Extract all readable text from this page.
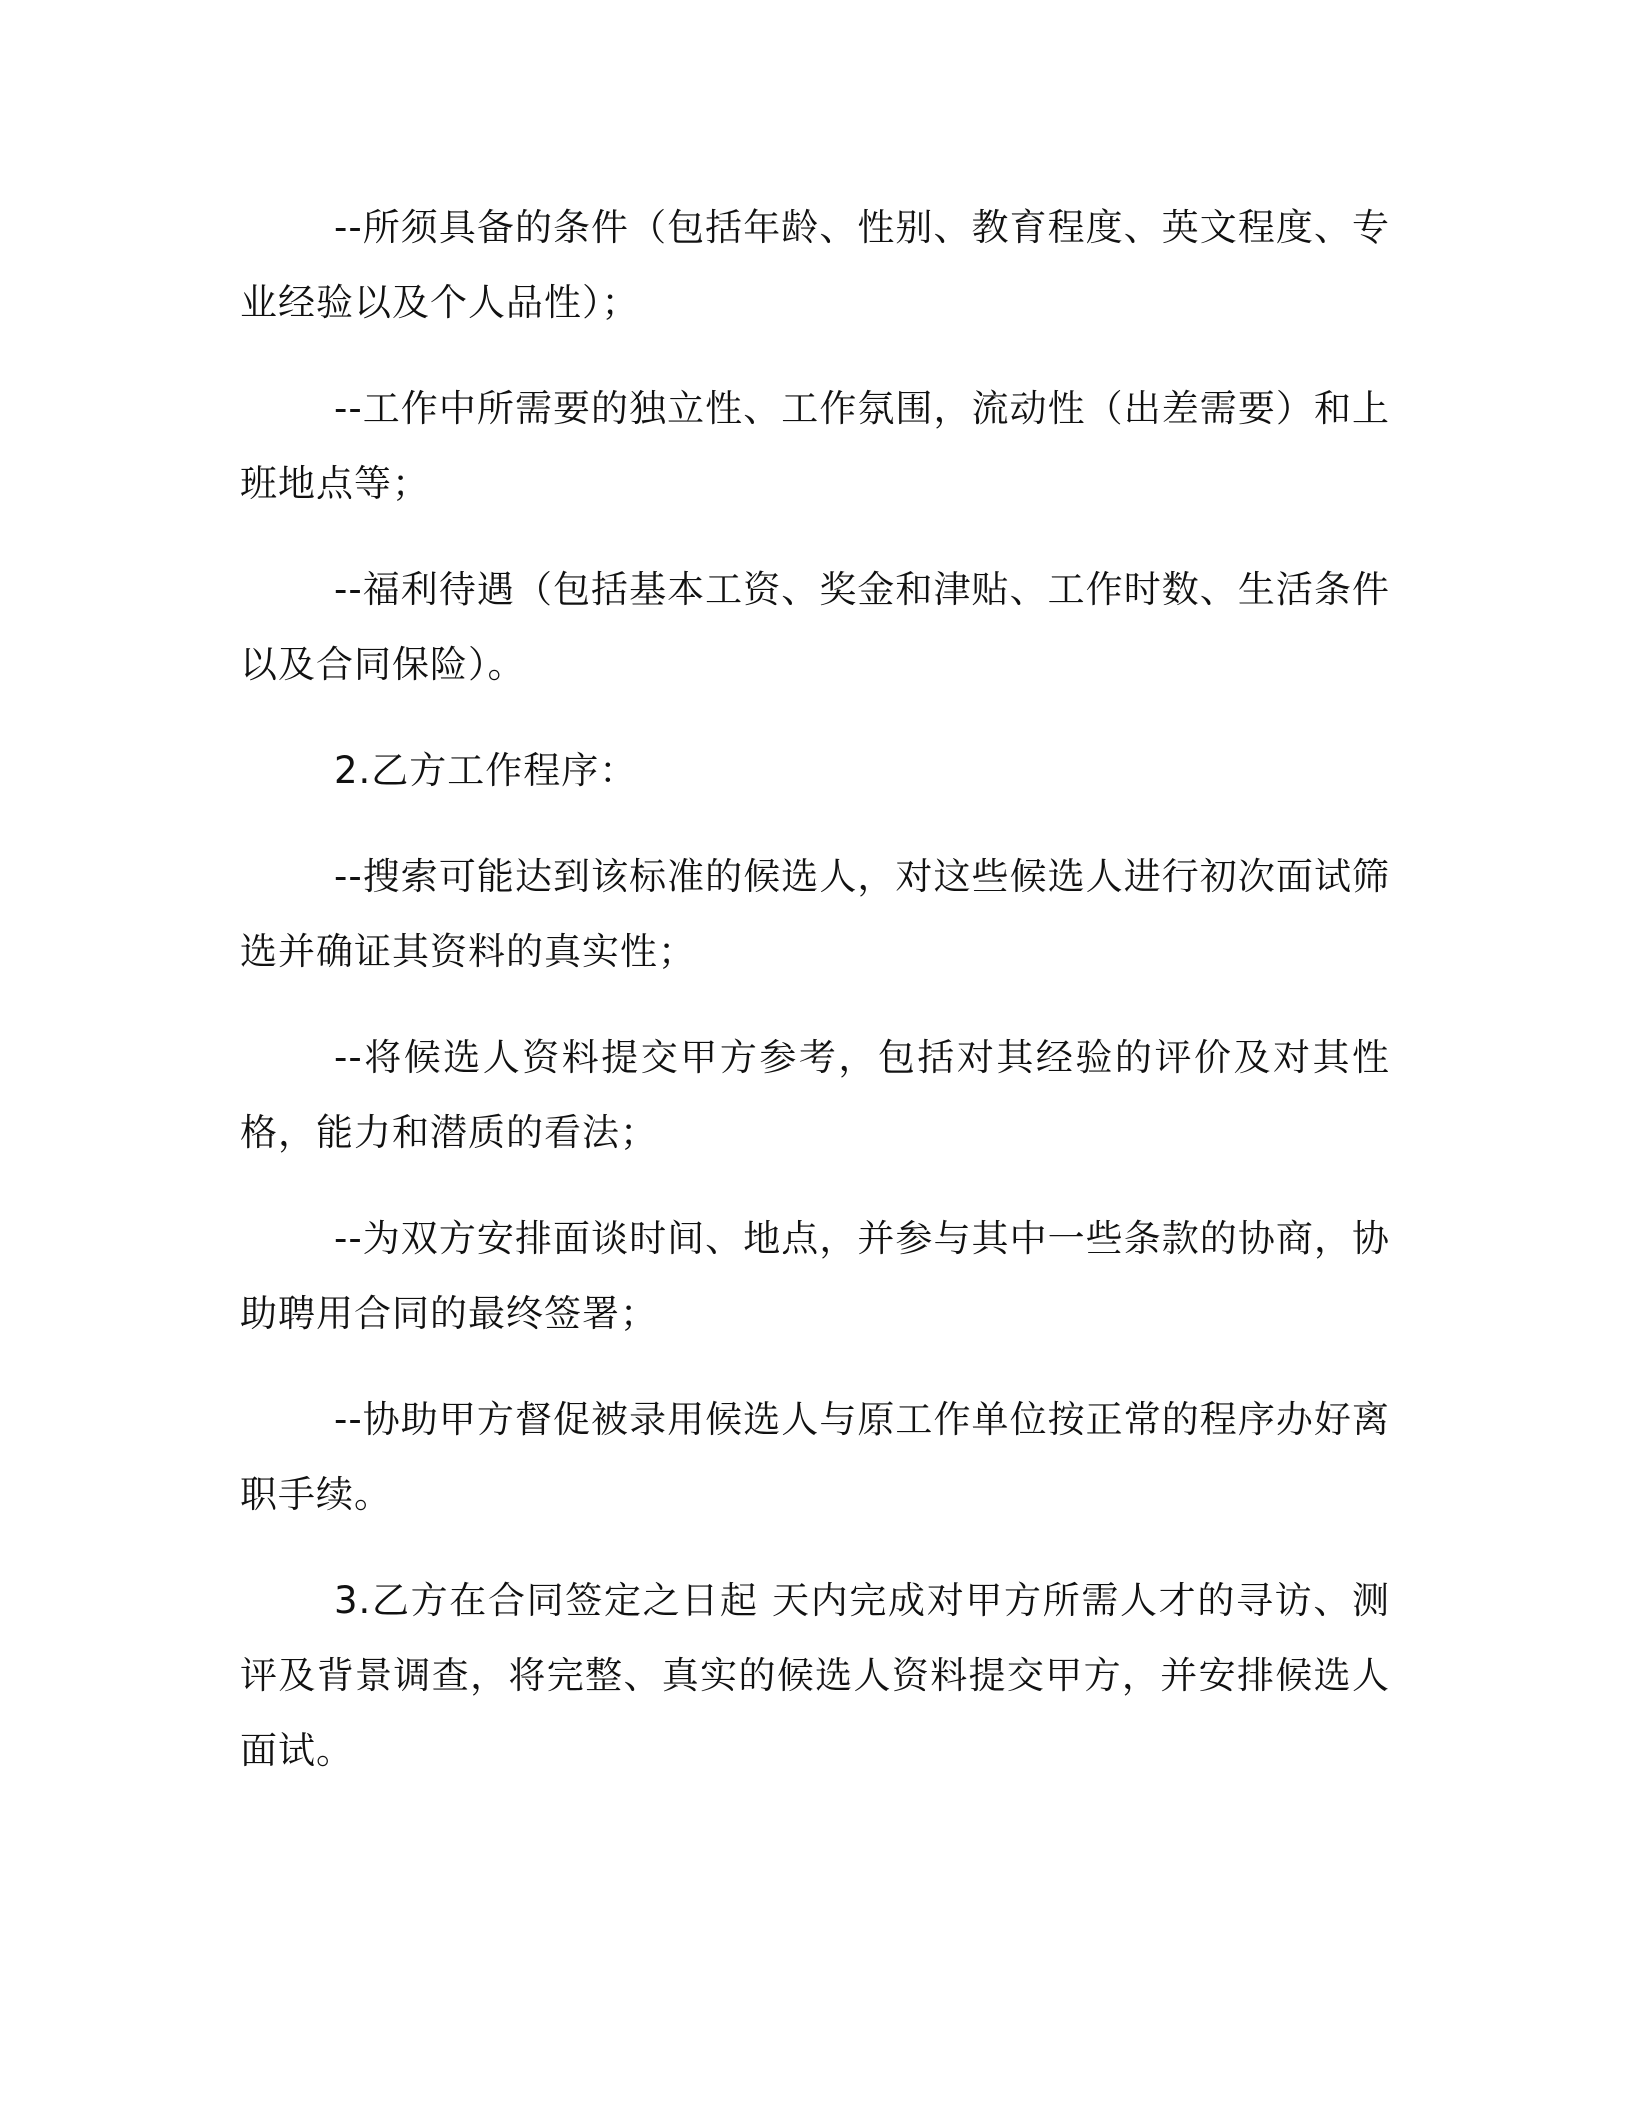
--所须具备的条件（包括年龄、性别、教育程度、英文程度、专业经验以及个人品性）；

--工作中所需要的独立性、工作氛围，流动性（出差需要）和上班地点等；

--福利待遇（包括基本工资、奖金和津贴、工作时数、生活条件以及合同保险）。

2.乙方工作程序：

--搜索可能达到该标准的候选人，对这些候选人进行初次面试筛选并确证其资料的真实性；

--将候选人资料提交甲方参考，包括对其经验的评价及对其性格，能力和潜质的看法；

--为双方安排面谈时间、地点，并参与其中一些条款的协商，协助聘用合同的最终签署；

--协助甲方督促被录用候选人与原工作单位按正常的程序办好离职手续。

3.乙方在合同签定之日起 天内完成对甲方所需人才的寻访、测评及背景调查，将完整、真实的候选人资料提交甲方，并安排候选人面试。
